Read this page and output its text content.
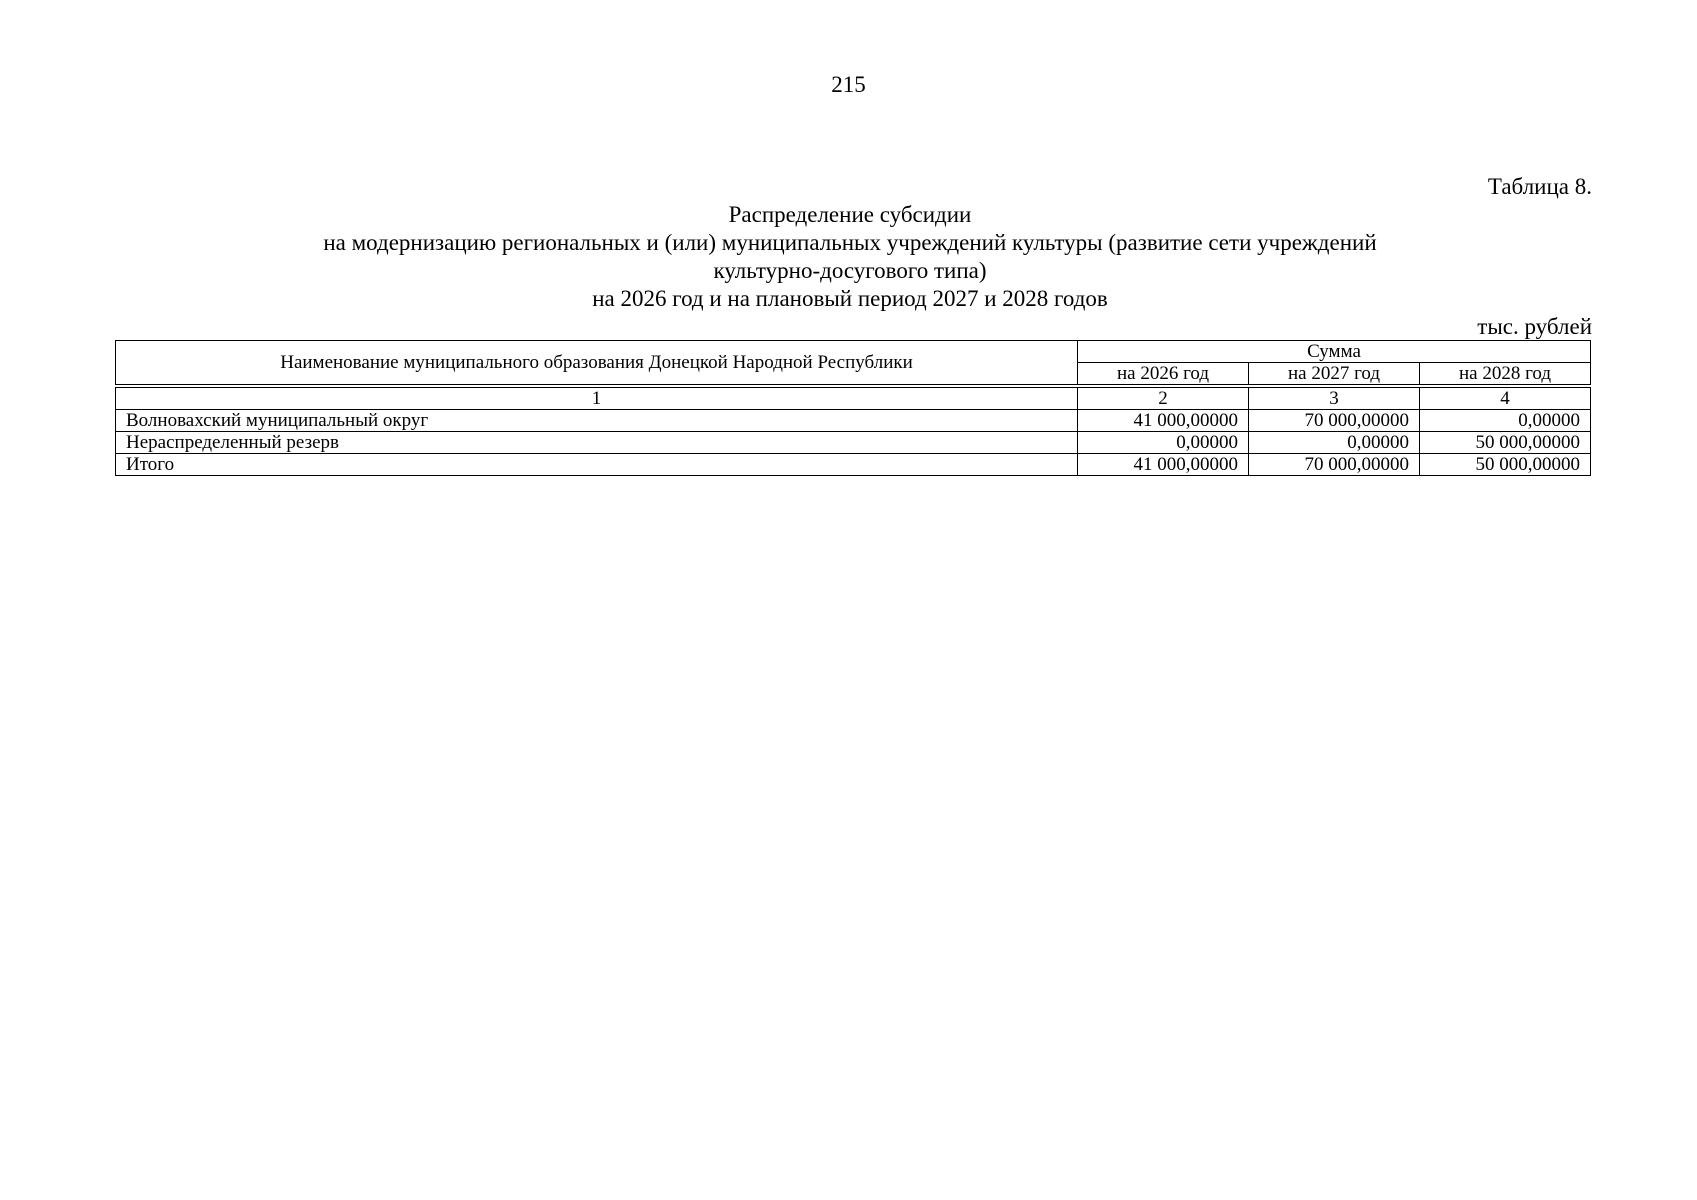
215
Таблица 8.
Распределение субсидии
на модернизацию региональных и (или) муниципальных учреждений культуры (развитие сети учреждений
культурно-досугового типа)
на 2026 год и на плановый период 2027 и 2028 годов
тыс. рублей
Наименование муниципального образования Донецкой Народной Республики	Сумма		
	на 2026 год	на 2027 год	на 2028 год

1	2	3	4
Волновахский муниципальный округ	41 000,00000	70 000,00000	0,00000
Нераспределенный резерв	0,00000	0,00000	50 000,00000
Итого	41 000,00000	70 000,00000	50 000,00000
